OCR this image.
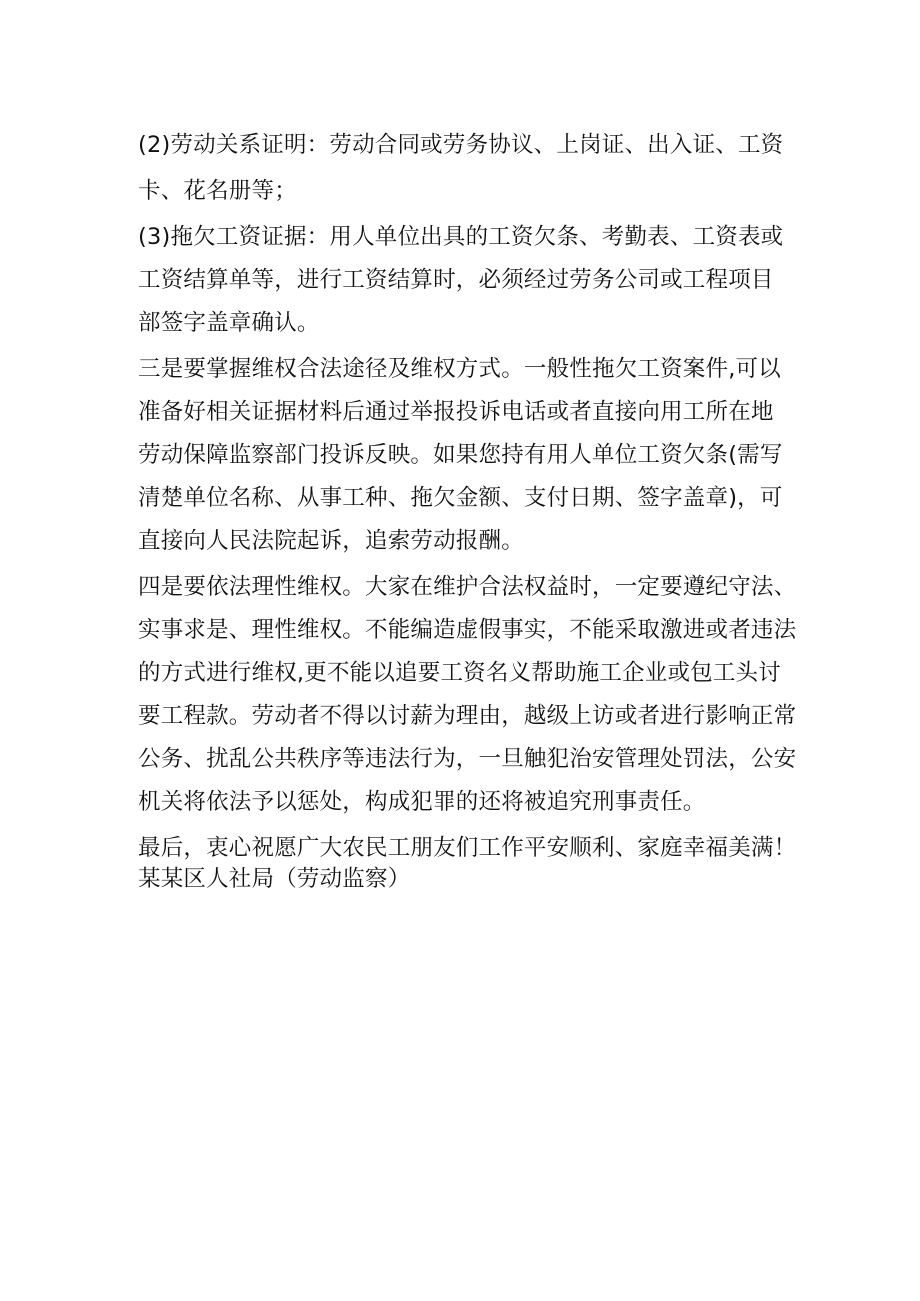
(2)劳动关系证明：劳动合同或劳务协议、上岗证、出入证、工资
卡、花名册等；
(3)拖欠工资证据：用人单位出具的工资欠条、考勤表、工资表或
工资结算单等，进行工资结算时，必须经过劳务公司或工程项目
部签字盖章确认。
三是要掌握维权合法途径及维权方式。一般性拖欠工资案件,可以
准备好相关证据材料后通过举报投诉电话或者直接向用工所在地
劳动保障监察部门投诉反映。如果您持有用人单位工资欠条(需写
清楚单位名称、从事工种、拖欠金额、支付日期、签字盖章)，可
直接向人民法院起诉，追索劳动报酬。
四是要依法理性维权。大家在维护合法权益时，一定要遵纪守法、
实事求是、理性维权。不能编造虚假事实，不能采取激进或者违法
的方式进行维权,更不能以追要工资名义帮助施工企业或包工头讨
要工程款。劳动者不得以讨薪为理由，越级上访或者进行影响正常
公务、扰乱公共秩序等违法行为，一旦触犯治安管理处罚法，公安
机关将依法予以惩处，构成犯罪的还将被追究刑事责任。
最后，衷心祝愿广大农民工朋友们工作平安顺利、家庭幸福美满！
某某区人社局（劳动监察）
